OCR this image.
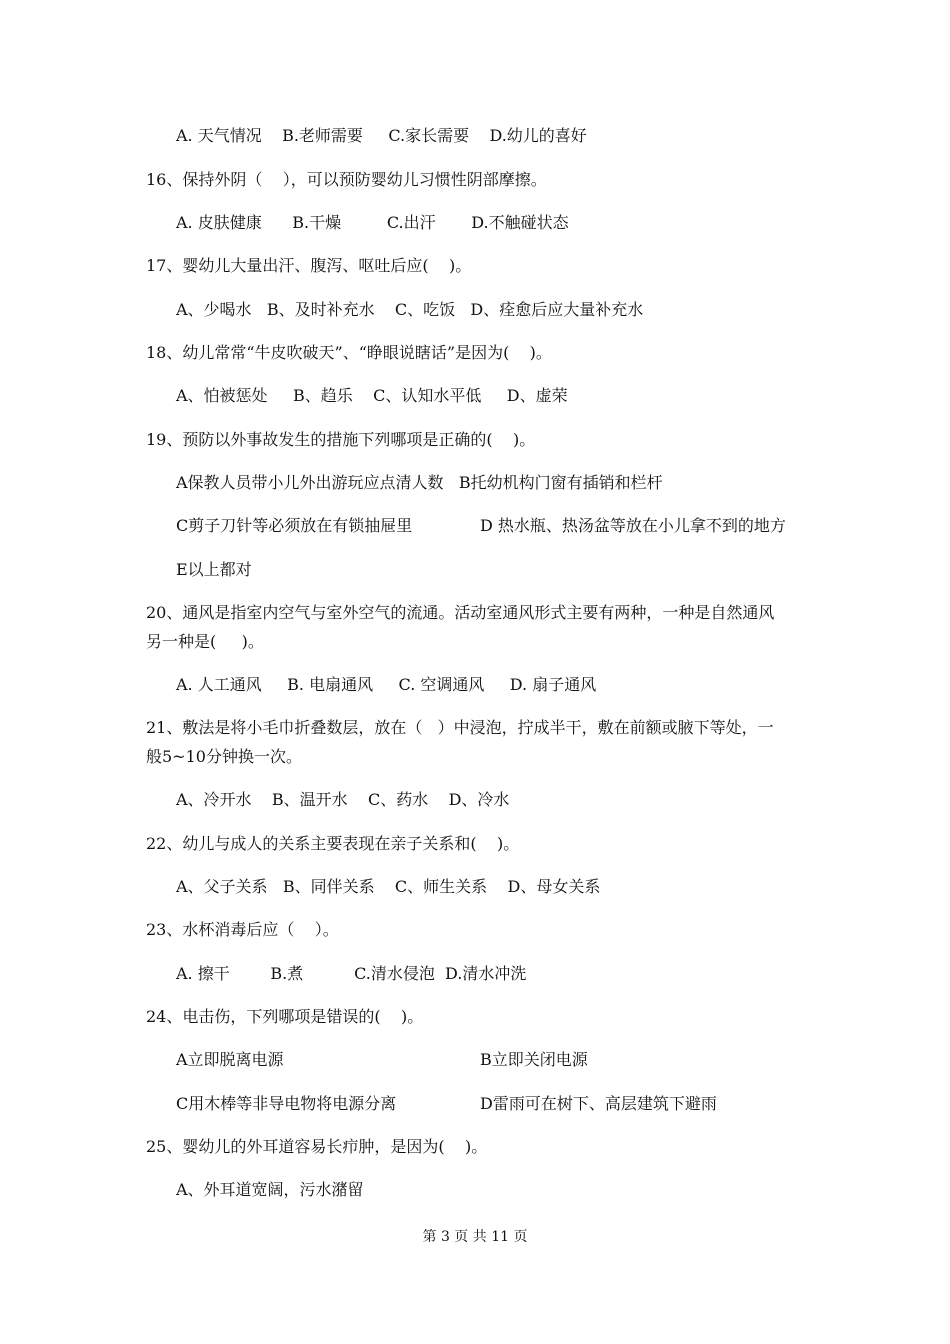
A. 天气情况    B.老师需要     C.家长需要    D.幼儿的喜好
16、保持外阴（    ），可以预防婴幼儿习惯性阴部摩擦。
A. 皮肤健康      B.干燥         C.出汗       D.不触碰状态
17、婴幼儿大量出汗、腹泻、呕吐后应(    )。
A、少喝水   B、及时补充水    C、吃饭   D、痊愈后应大量补充水
18、幼儿常常“牛皮吹破天”、“睁眼说瞎话”是因为(    )。
A、怕被惩处     B、趋乐    C、认知水平低     D、虚荣
19、预防以外事故发生的措施下列哪项是正确的(    )。
A保教人员带小儿外出游玩应点清人数   B托幼机构门窗有插销和栏杆
C剪子刀针等必须放在有锁抽屉里	D 热水瓶、热汤盆等放在小儿拿不到的地方
E以上都对
20、通风是指室内空气与室外空气的流通。活动室通风形式主要有两种，一种是自然通风
另一种是(     )。
A. 人工通风     B. 电扇通风     C. 空调通风     D. 扇子通风
21、敷法是将小毛巾折叠数层，放在（   ）中浸泡，拧成半干，敷在前额或腋下等处，一
般5~10分钟换一次。
A、冷开水    B、温开水    C、药水    D、冷水
22、幼儿与成人的关系主要表现在亲子关系和(    )。
A、父子关系   B、同伴关系    C、师生关系    D、母女关系
23、水杯消毒后应（    ）。
A. 擦干        B.煮          C.清水侵泡  D.清水冲洗
24、电击伤，下列哪项是错误的(    )。
A立即脱离电源	B立即关闭电源
C用木棒等非导电物将电源分离	D雷雨可在树下、高层建筑下避雨
25、婴幼儿的外耳道容易长疖肿，是因为(    )。
A、外耳道宽阔，污水潴留
第 3 页 共 11 页
